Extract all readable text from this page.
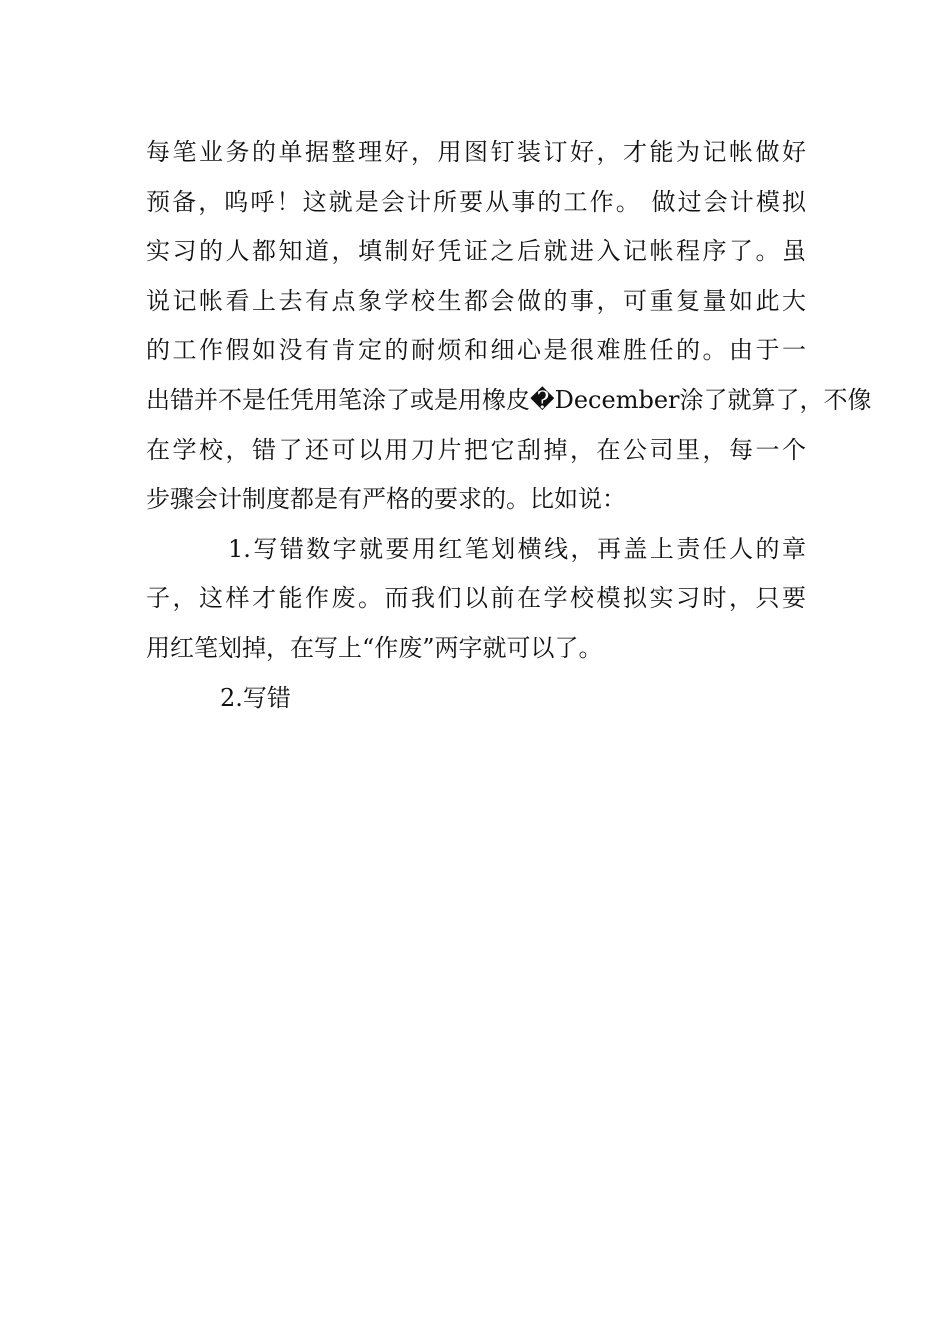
每笔业务的单据整理好，用图钉装订好，才能为记帐做好
预备，呜呼！这就是会计所要从事的工作。 做过会计模拟
实习的人都知道，填制好凭证之后就进入记帐程序了。虽
说记帐看上去有点象学校生都会做的事，可重复量如此大
的工作假如没有肯定的耐烦和细心是很难胜任的。由于一
出错并不是任凭用笔涂了或是用橡皮�December涂了就算了，不像
在学校，错了还可以用刀片把它刮掉，在公司里，每一个
步骤会计制度都是有严格的要求的。比如说：
1.写错数字就要用红笔划横线，再盖上责任人的章
子，这样才能作废。而我们以前在学校模拟实习时，只要
用红笔划掉，在写上“作废”两字就可以了。
2.写错
